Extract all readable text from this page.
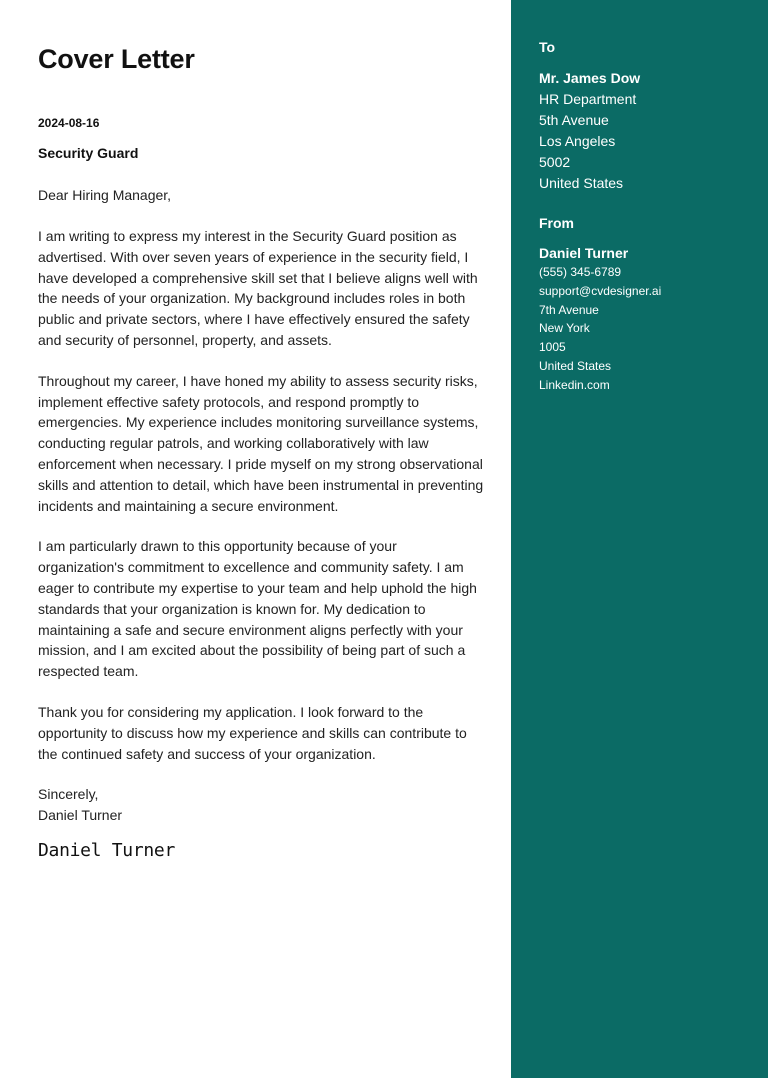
Cover Letter
2024-08-16
Security Guard
Dear Hiring Manager,

I am writing to express my interest in the Security Guard position as advertised. With over seven years of experience in the security field, I have developed a comprehensive skill set that I believe aligns well with the needs of your organization. My background includes roles in both public and private sectors, where I have effectively ensured the safety and security of personnel, property, and assets.

Throughout my career, I have honed my ability to assess security risks, implement effective safety protocols, and respond promptly to emergencies. My experience includes monitoring surveillance systems, conducting regular patrols, and working collaboratively with law enforcement when necessary. I pride myself on my strong observational skills and attention to detail, which have been instrumental in preventing incidents and maintaining a secure environment.

I am particularly drawn to this opportunity because of your organization's commitment to excellence and community safety. I am eager to contribute my expertise to your team and help uphold the high standards that your organization is known for. My dedication to maintaining a safe and secure environment aligns perfectly with your mission, and I am excited about the possibility of being part of such a respected team.

Thank you for considering my application. I look forward to the opportunity to discuss how my experience and skills can contribute to the continued safety and success of your organization.

Sincerely,
Daniel Turner
Daniel Turner
To
Mr. James Dow
HR Department
5th Avenue
Los Angeles
5002
United States
From
Daniel Turner
(555) 345-6789
support@cvdesigner.ai
7th Avenue
New York
1005
United States
Linkedin.com
